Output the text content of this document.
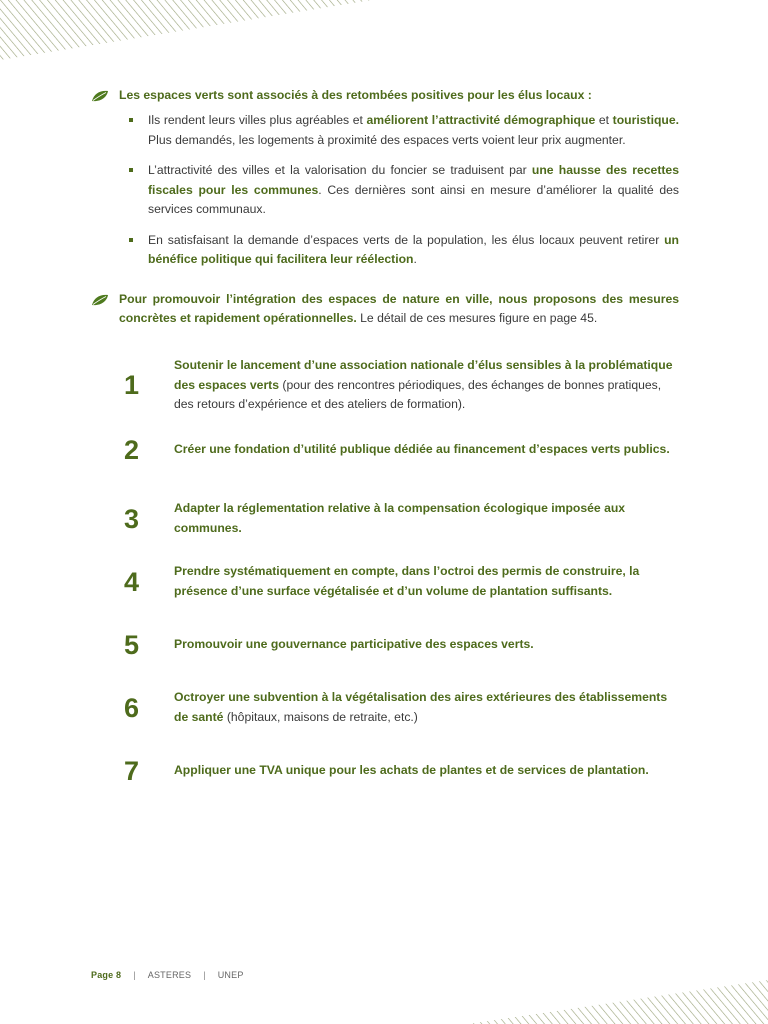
Les espaces verts sont associés à des retombées positives pour les élus locaux :
Ils rendent leurs villes plus agréables et améliorent l’attractivité démographique et touristique. Plus demandés, les logements à proximité des espaces verts voient leur prix augmenter.
L’attractivité des villes et la valorisation du foncier se traduisent par une hausse des recettes fiscales pour les communes. Ces dernières sont ainsi en mesure d’améliorer la qualité des services communaux.
En satisfaisant la demande d’espaces verts de la population, les élus locaux peuvent retirer un bénéfice politique qui facilitera leur réélection.
Pour promouvoir l’intégration des espaces de nature en ville, nous proposons des mesures concrètes et rapidement opérationnelles. Le détail de ces mesures figure en page 45.
1
Soutenir le lancement d’une association nationale d’élus sensibles à la problématique des espaces verts (pour des rencontres périodiques, des échanges de bonnes pratiques, des retours d’expérience et des ateliers de formation).
2	Créer une fondation d’utilité publique dédiée au financement d’espaces verts publics.
3	Adapter la réglementation relative à la compensation écologique imposée aux communes.
4	Prendre systématiquement en compte, dans l’octroi des permis de construire, la présence d’une surface végétalisée et d’un volume de plantation suffisants.
5	Promouvoir une gouvernance participative des espaces verts.
6	Octroyer une subvention à la végétalisation des aires extérieures des établissements de santé (hôpitaux, maisons de retraite, etc.)
7	Appliquer une TVA unique pour les achats de plantes et de services de plantation.
Page 8 | ASTERES | UNEP
